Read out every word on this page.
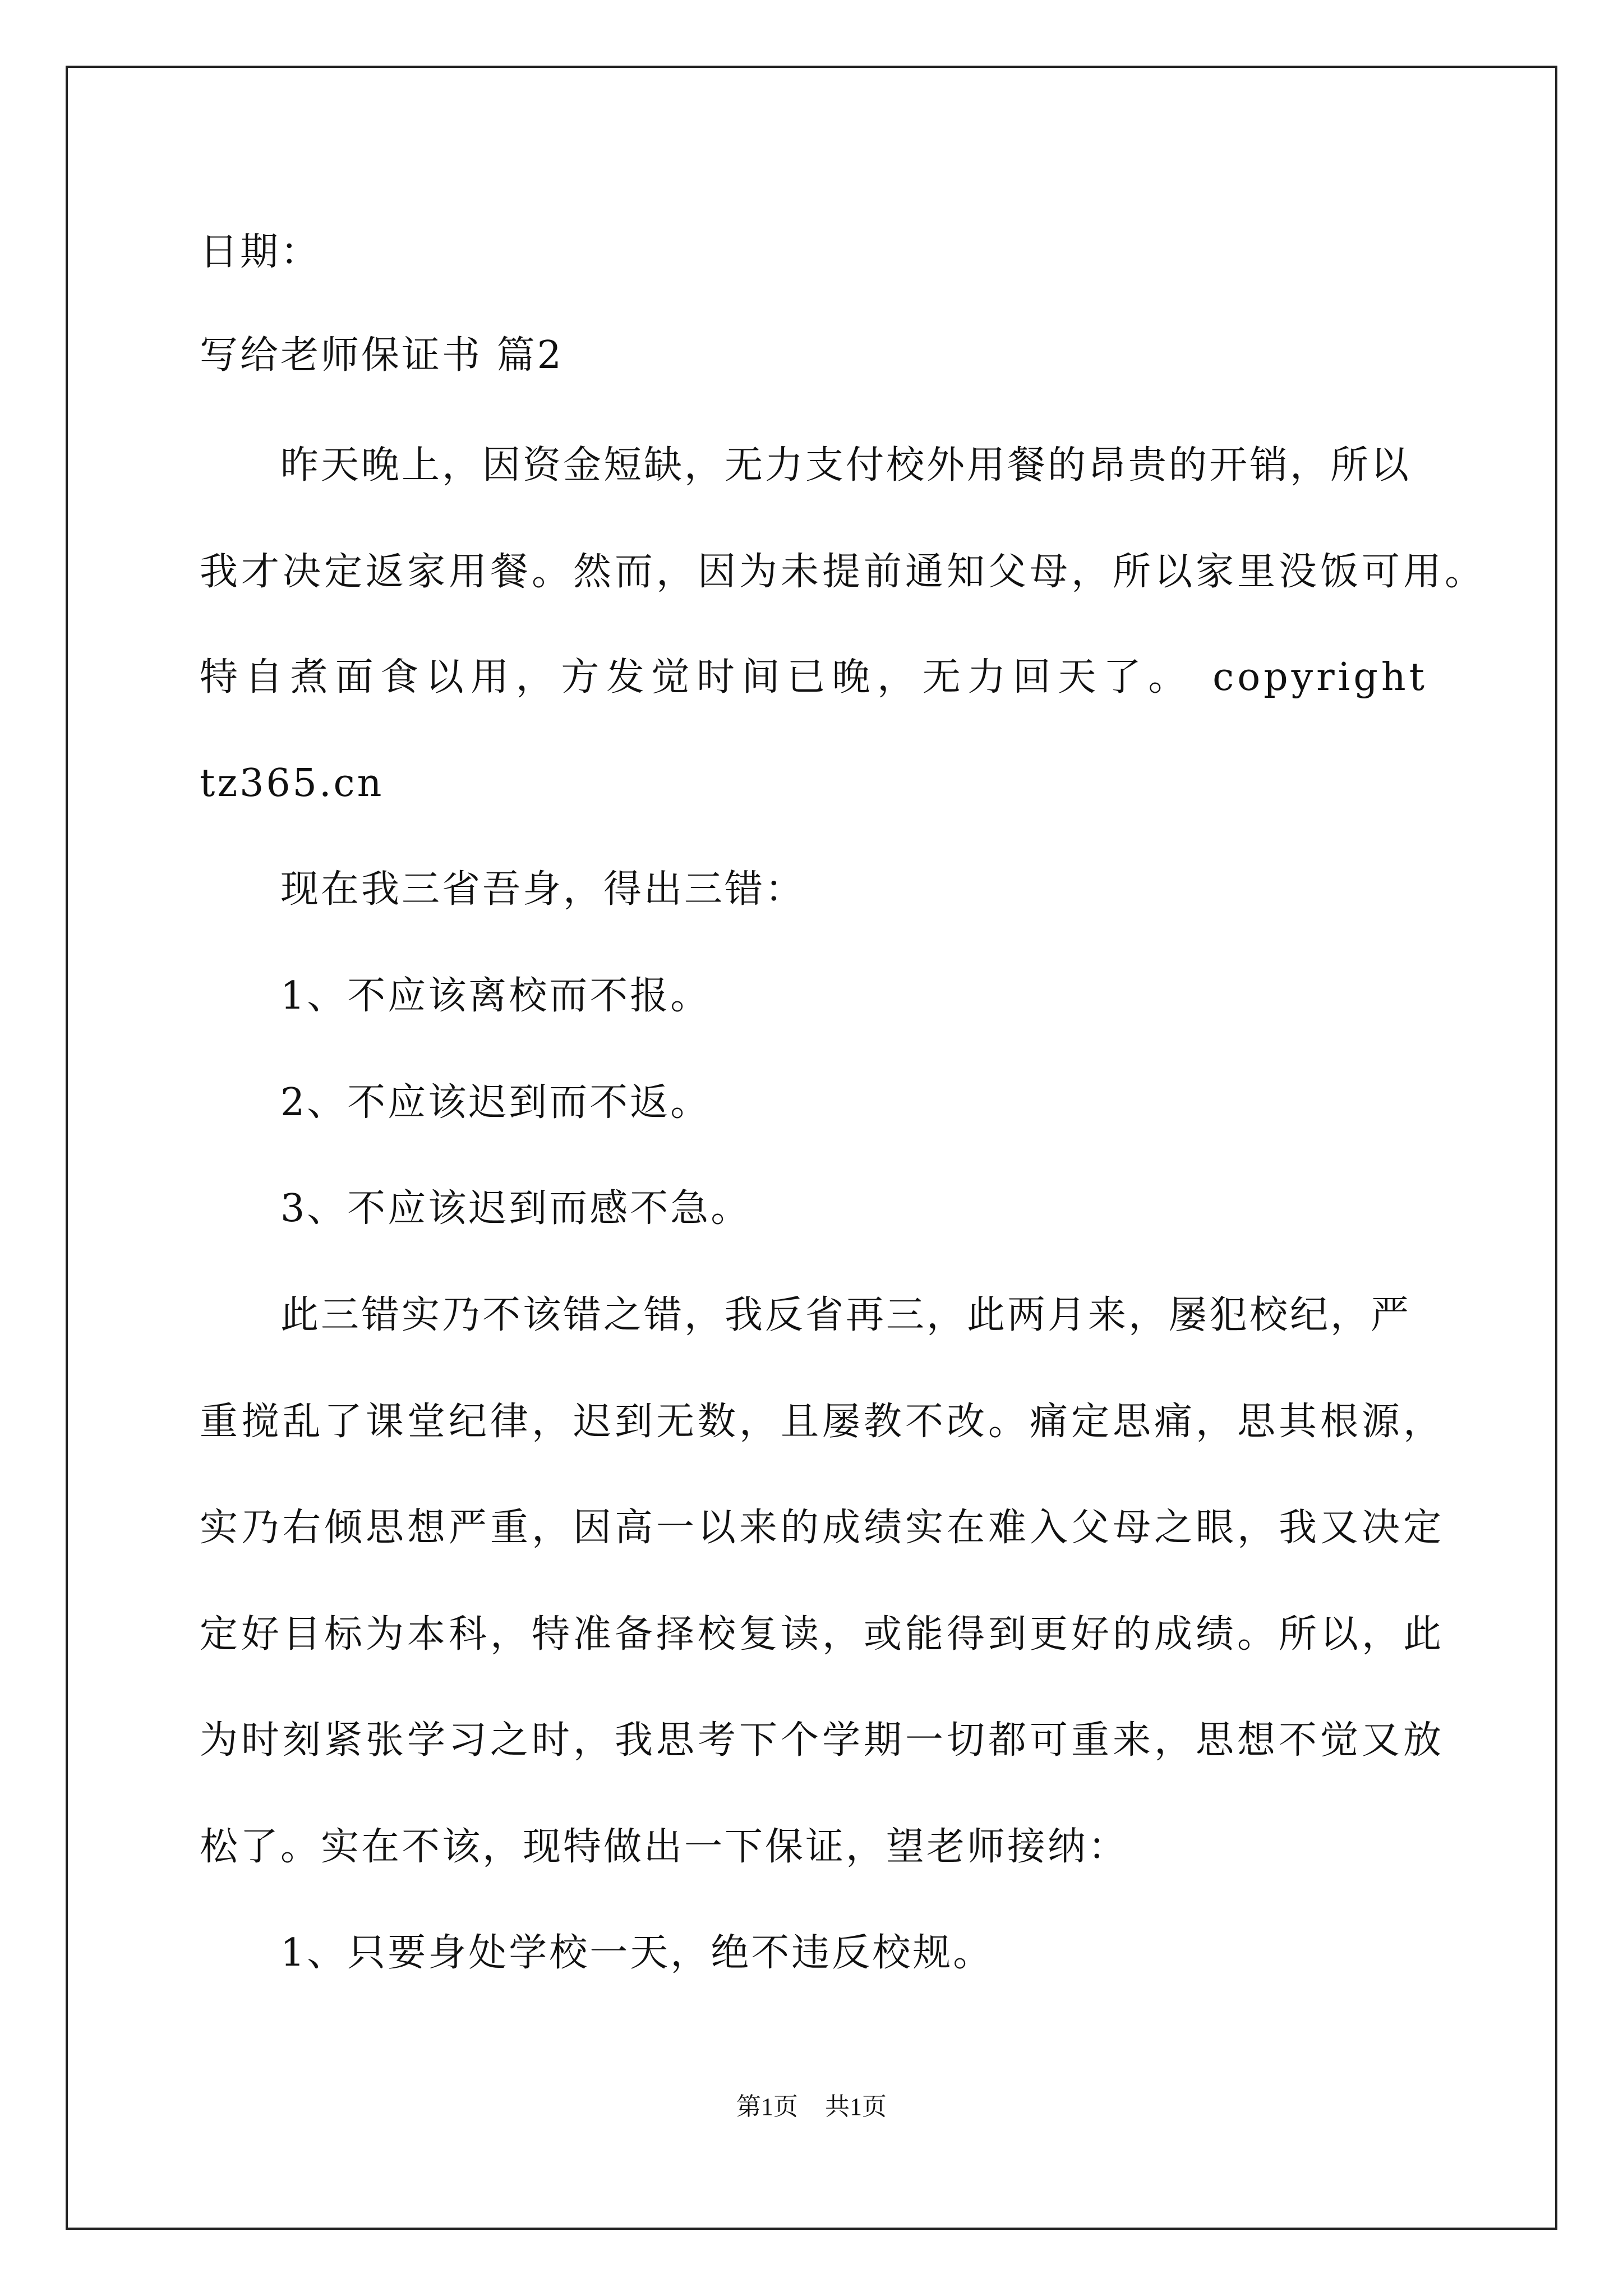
日期：
写给老师保证书 篇2
昨天晚上，因资金短缺，无力支付校外用餐的昂贵的开销，所以
我才决定返家用餐。然而，因为未提前通知父母，所以家里没饭可用。
特自煮面食以用，方发觉时间已晚，无力回天了。 copyright
tz365.cn
现在我三省吾身，得出三错：
1、不应该离校而不报。
2、不应该迟到而不返。
3、不应该迟到而感不急。
此三错实乃不该错之错，我反省再三，此两月来，屡犯校纪，严
重搅乱了课堂纪律，迟到无数，且屡教不改。痛定思痛，思其根源，
实乃右倾思想严重，因高一以来的成绩实在难入父母之眼，我又决定
定好目标为本科，特准备择校复读，或能得到更好的成绩。所以，此
为时刻紧张学习之时，我思考下个学期一切都可重来，思想不觉又放
松了。实在不该，现特做出一下保证，望老师接纳：
1、只要身处学校一天，绝不违反校规。
第1页 共1页
